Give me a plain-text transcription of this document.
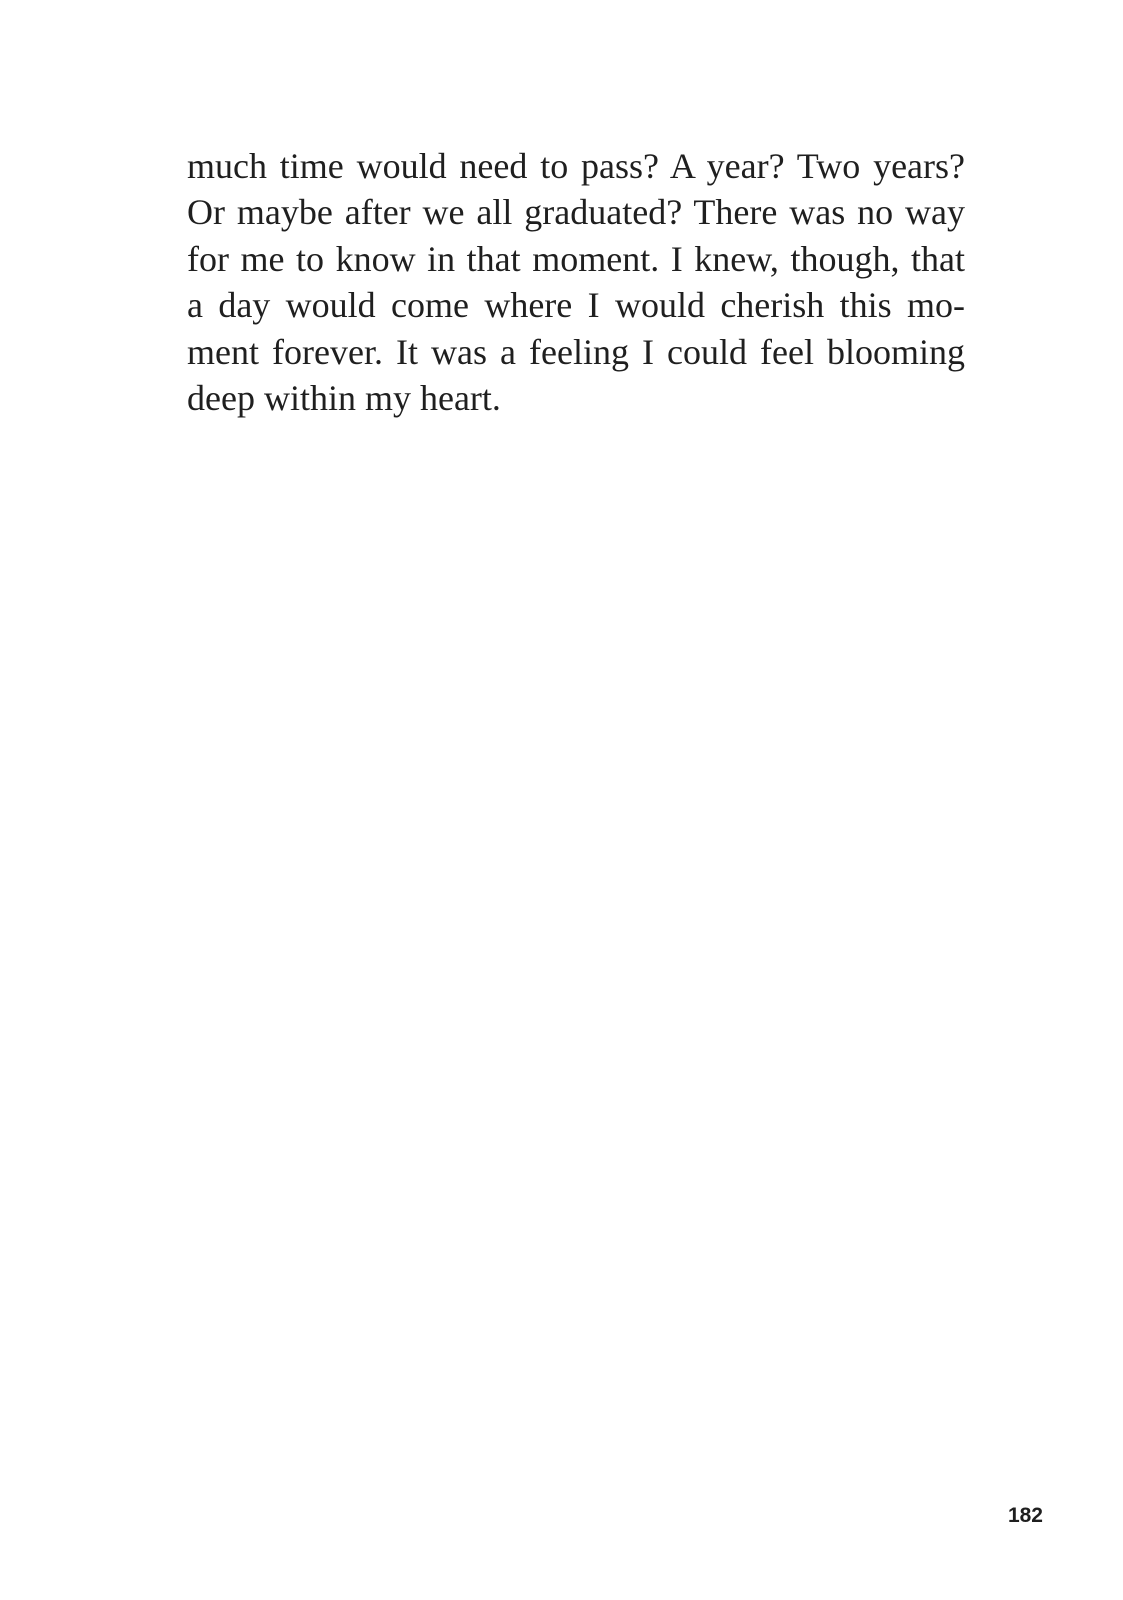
much time would need to pass? A year? Two years?
Or maybe after we all graduated? There was no way
for me to know in that moment. I knew, though, that
a day would come where I would cherish this mo-
ment forever. It was a feeling I could feel blooming
deep within my heart.
182
